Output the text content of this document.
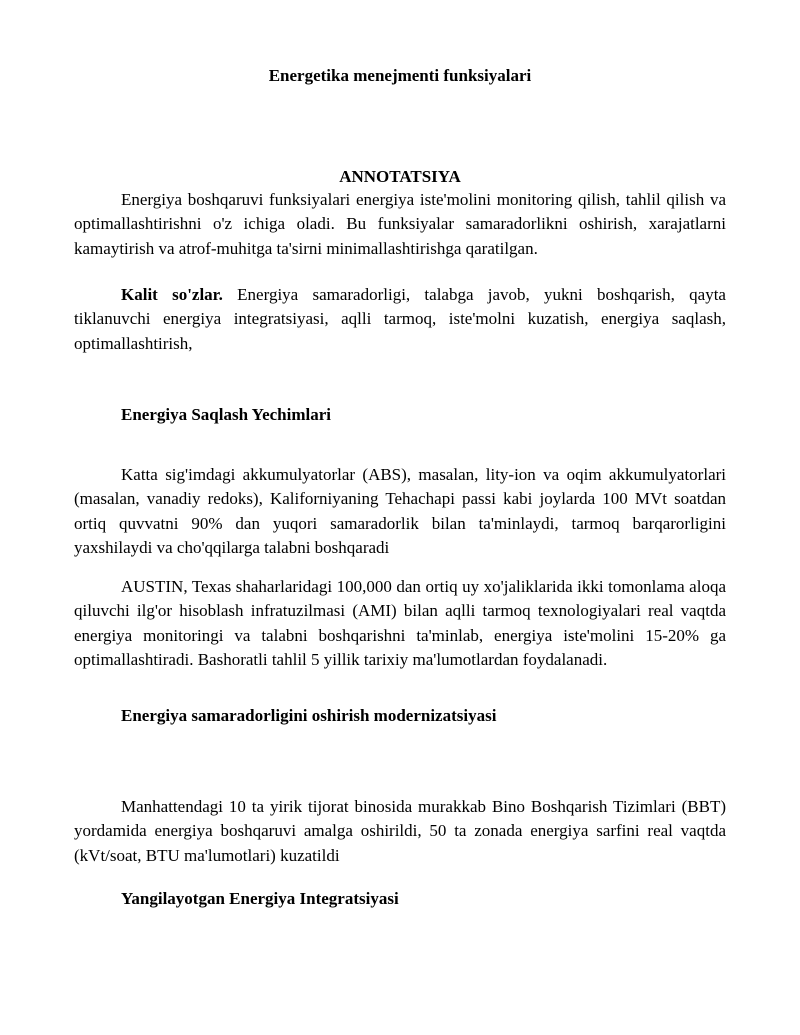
Energetika menejmenti funksiyalari
ANNOTATSIYA

Energiya boshqaruvi funksiyalari energiya iste'molini monitoring qilish, tahlil qilish va optimallashtirishni o'z ichiga oladi. Bu funksiyalar samaradorlikni oshirish, xarajatlarni kamaytirish va atrof-muhitga ta'sirni minimallashtirishga qaratilgan.

Kalit so'zlar. Energiya samaradorligi, talabga javob, yukni boshqarish, qayta tiklanuvchi energiya integratsiyasi, aqlli tarmoq, iste'molni kuzatish, energiya saqlash, optimallashtirish,

Energiya Saqlash Yechimlari

Katta sig'imdagi akkumulyatorlar (ABS), masalan, lity-ion va oqim akkumulyatorlari (masalan, vanadiy redoks), Kaliforniyaning Tehachapi passi kabi joylarda 100 MVt soatdan ortiq quvvatni 90% dan yuqori samaradorlik bilan ta'minlaydi, tarmoq barqarorligini yaxshilaydi va cho'qqilarga talabni boshqaradi

AUSTIN, Texas shaharlaridagi 100,000 dan ortiq uy xo'jaliklarida ikki tomonlama aloqa qiluvchi ilg'or hisoblash infratuzilmasi (AMI) bilan aqlli tarmoq texnologiyalari real vaqtda energiya monitoringi va talabni boshqarishni ta'minlab, energiya iste'molini 15-20% ga optimallashtiradi. Bashoratli tahlil 5 yillik tarixiy ma'lumotlardan foydalanadi.

Energiya samaradorligini oshirish modernizatsiyasi

Manhattendagi 10 ta yirik tijorat binosida murakkab Bino Boshqarish Tizimlari (BBT) yordamida energiya boshqaruvi amalga oshirildi, 50 ta zonada energiya sarfini real vaqtda (kVt/soat, BTU ma'lumotlari) kuzatildi

Yangilayotgan Energiya Integratsiyasi
